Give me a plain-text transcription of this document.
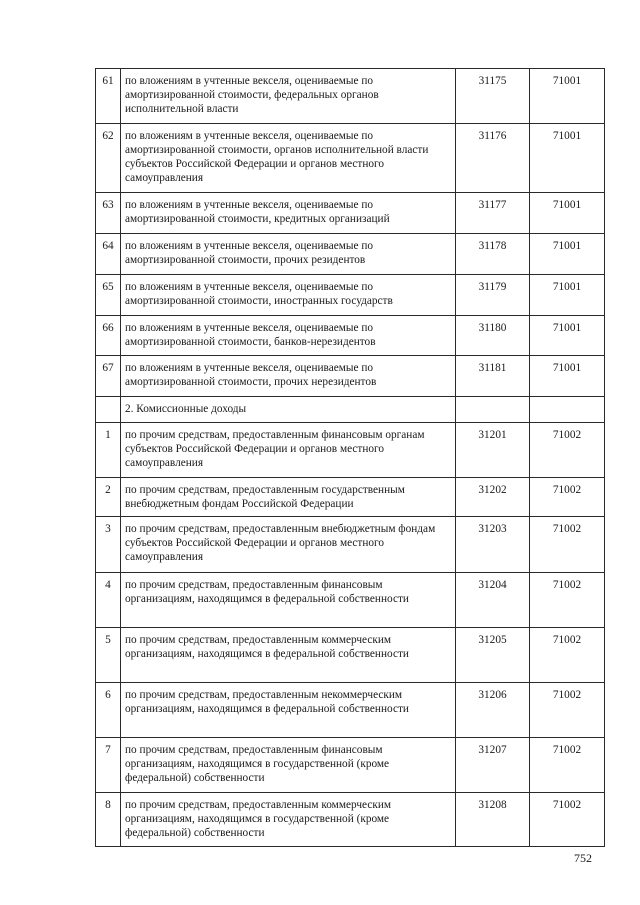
61	по вложениям в учтенные векселя, оцениваемые по амортизированной стоимости, федеральных органов исполнительной власти	31175	71001
62	по вложениям в учтенные векселя, оцениваемые по амортизированной стоимости, органов исполнительной власти субъектов Российской Федерации и органов местного самоуправления	31176	71001
63	по вложениям в учтенные векселя, оцениваемые по амортизированной стоимости, кредитных организаций	31177	71001
64	по вложениям в учтенные векселя, оцениваемые по амортизированной стоимости, прочих резидентов	31178	71001
65	по вложениям в учтенные векселя, оцениваемые по амортизированной стоимости, иностранных государств	31179	71001
66	по вложениям в учтенные векселя, оцениваемые по амортизированной стоимости, банков-нерезидентов	31180	71001
67	по вложениям в учтенные векселя, оцениваемые по амортизированной стоимости, прочих нерезидентов	31181	71001
	2. Комиссионные доходы		
1	по прочим средствам, предоставленным финансовым органам субъектов Российской Федерации и органов местного самоуправления	31201	71002
2	по прочим средствам, предоставленным государственным внебюджетным фондам Российской Федерации	31202	71002
3	по прочим средствам, предоставленным внебюджетным фондам субъектов Российской Федерации и органов местного самоуправления	31203	71002
4	по прочим средствам, предоставленным финансовым организациям, находящимся в федеральной собственности	31204	71002
5	по прочим средствам, предоставленным коммерческим организациям, находящимся в федеральной собственности	31205	71002
6	по прочим средствам, предоставленным некоммерческим организациям, находящимся в федеральной собственности	31206	71002
7	по прочим средствам, предоставленным финансовым организациям, находящимся в государственной (кроме федеральной) собственности	31207	71002
8	по прочим средствам, предоставленным коммерческим организациям, находящимся в государственной (кроме федеральной) собственности	31208	71002
752
